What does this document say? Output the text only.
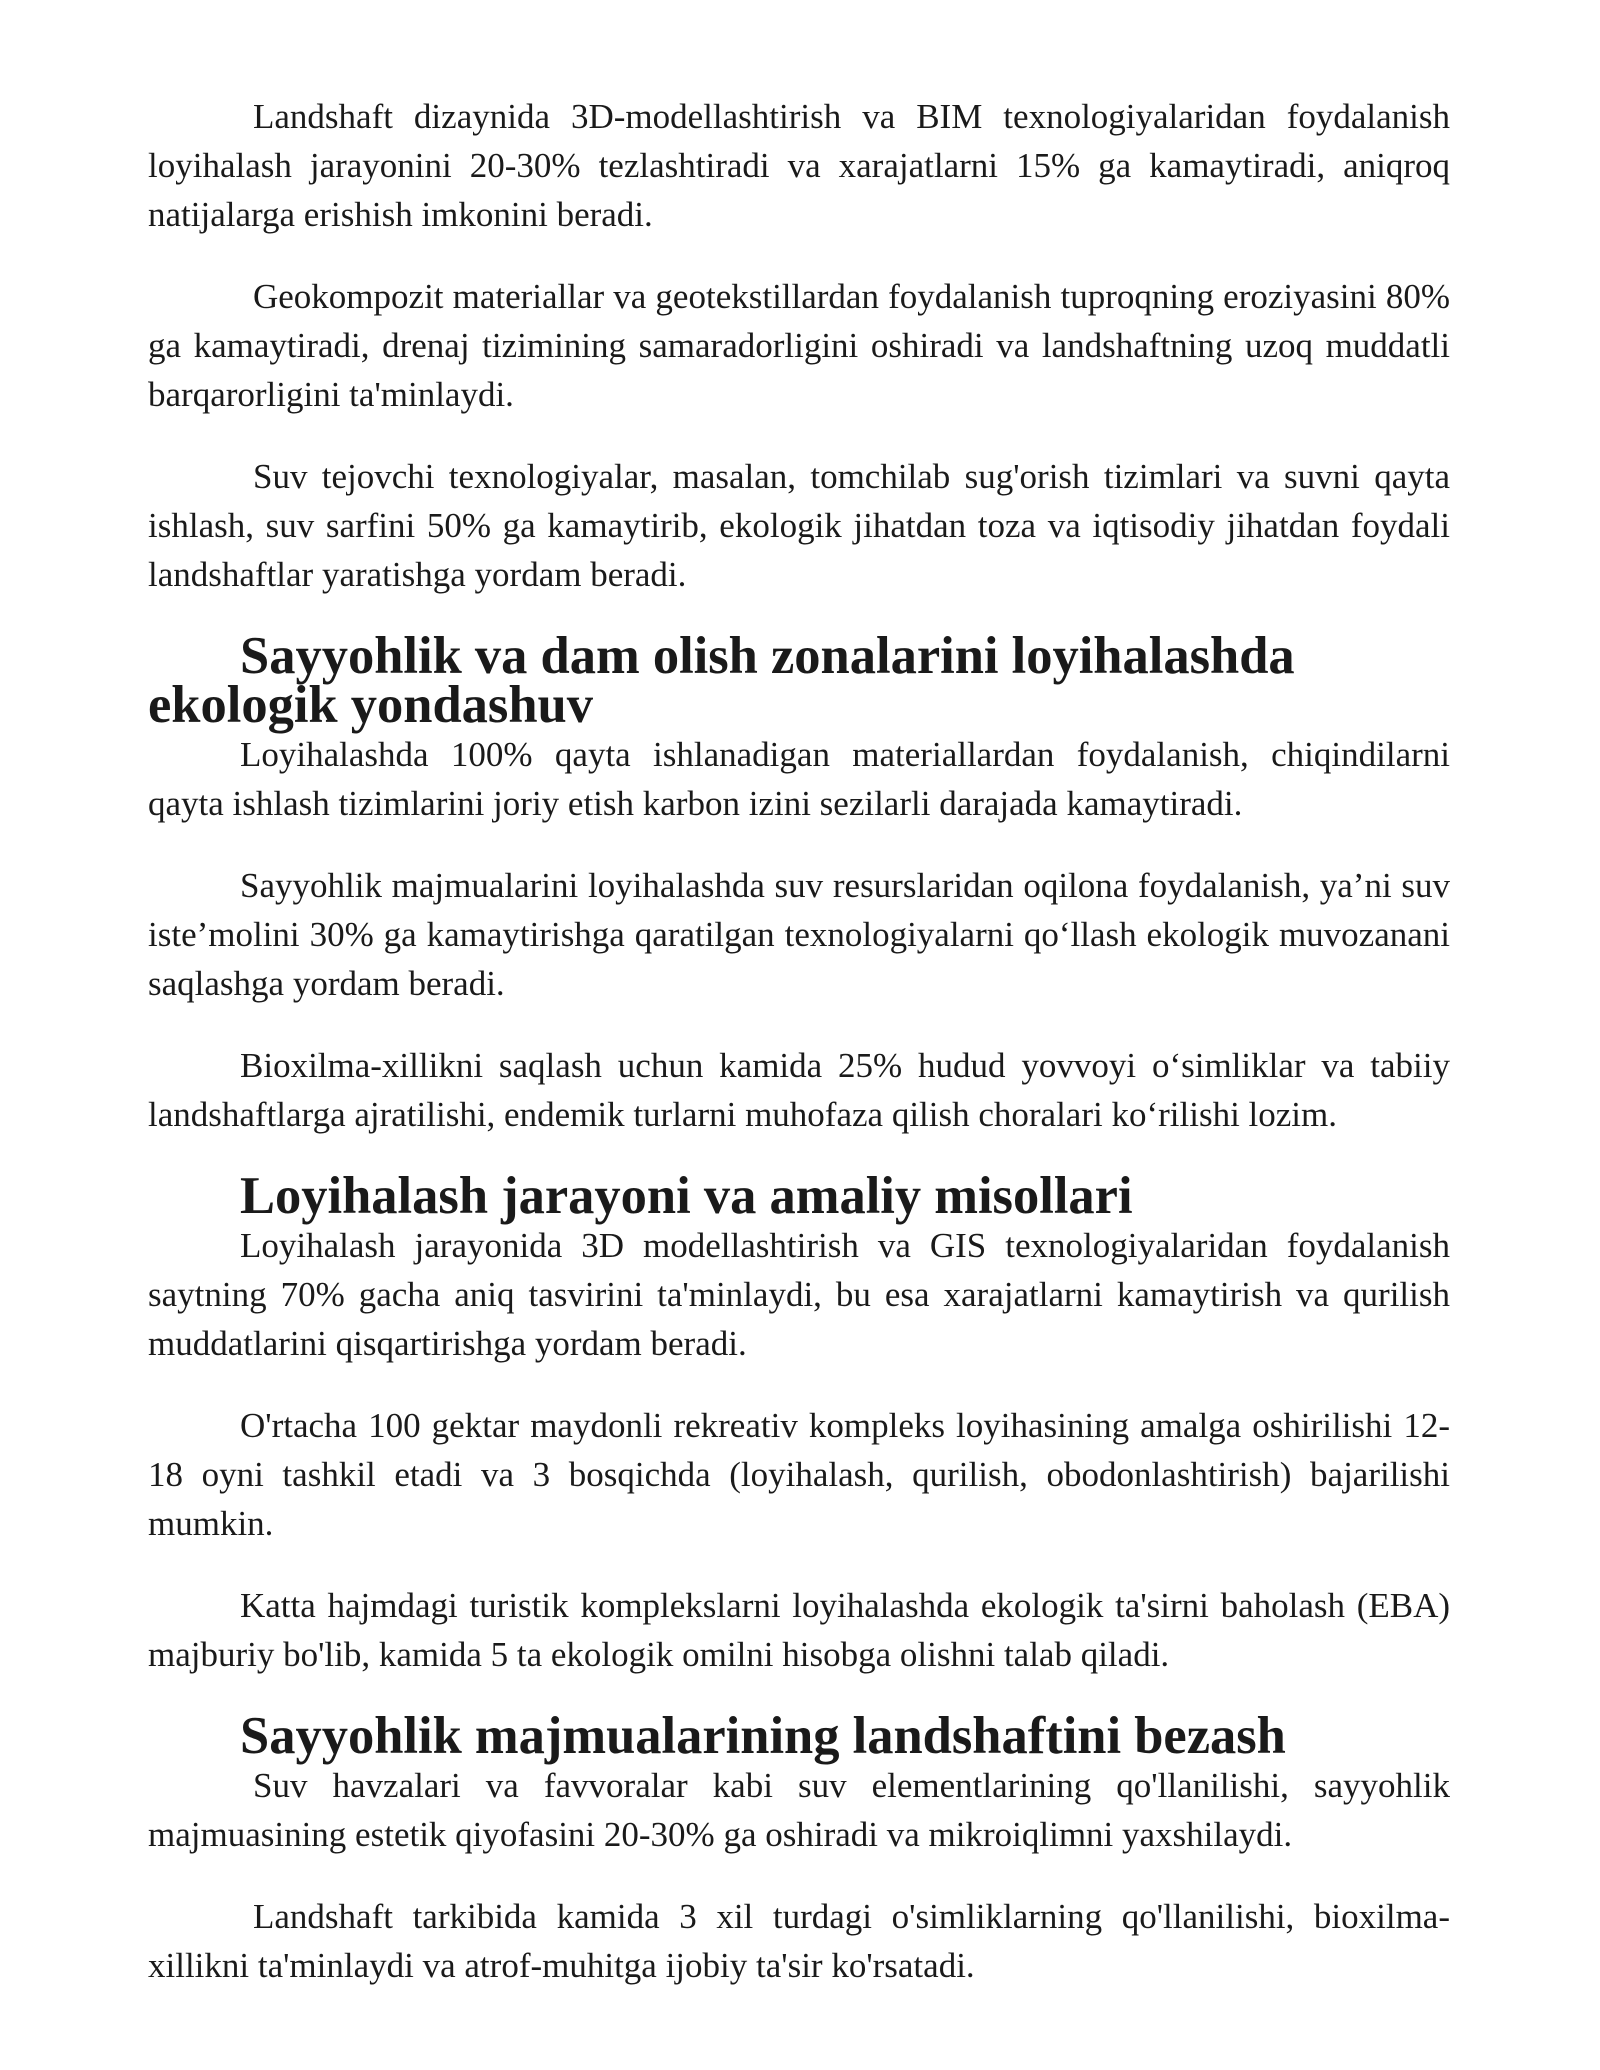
Landshaft dizaynida 3D-modellashtirish va BIM texnologiyalaridan foydalanish loyihalash jarayonini 20-30% tezlashtiradi va xarajatlarni 15% ga kamaytiradi, aniqroq natijalarga erishish imkonini beradi.

Geokompozit materiallar va geotekstillardan foydalanish tuproqning eroziyasini 80% ga kamaytiradi, drenaj tizimining samaradorligini oshiradi va landshaftning uzoq muddatli barqarorligini ta'minlaydi.

Suv tejovchi texnologiyalar, masalan, tomchilab sug'orish tizimlari va suvni qayta ishlash, suv sarfini 50% ga kamaytirib, ekologik jihatdan toza va iqtisodiy jihatdan foydali landshaftlar yaratishga yordam beradi.

Sayyohlik va dam olish zonalarini loyihalashda ekologik yondashuv

Loyihalashda 100% qayta ishlanadigan materiallardan foydalanish, chiqindilarni qayta ishlash tizimlarini joriy etish karbon izini sezilarli darajada kamaytiradi.

Sayyohlik majmualarini loyihalashda suv resurslaridan oqilona foydalanish, ya’ni suv iste’molini 30% ga kamaytirishga qaratilgan texnologiyalarni qo‘llash ekologik muvozanani saqlashga yordam beradi.

Bioxilma-xillikni saqlash uchun kamida 25% hudud yovvoyi o‘simliklar va tabiiy landshaftlarga ajratilishi, endemik turlarni muhofaza qilish choralari ko‘rilishi lozim.

Loyihalash jarayoni va amaliy misollari

Loyihalash jarayonida 3D modellashtirish va GIS texnologiyalaridan foydalanish saytning 70% gacha aniq tasvirini ta'minlaydi, bu esa xarajatlarni kamaytirish va qurilish muddatlarini qisqartirishga yordam beradi.

O'rtacha 100 gektar maydonli rekreativ kompleks loyihasining amalga oshirilishi 12-18 oyni tashkil etadi va 3 bosqichda (loyihalash, qurilish, obodonlashtirish) bajarilishi mumkin.

Katta hajmdagi turistik komplekslarni loyihalashda ekologik ta'sirni baholash (EBA) majburiy bo'lib, kamida 5 ta ekologik omilni hisobga olishni talab qiladi.

Sayyohlik majmualarining landshaftini bezash

Suv havzalari va favvoralar kabi suv elementlarining qo'llanilishi, sayyohlik majmuasining estetik qiyofasini 20-30% ga oshiradi va mikroiqlimni yaxshilaydi.

Landshaft tarkibida kamida 3 xil turdagi o'simliklarning qo'llanilishi, bioxilma-xillikni ta'minlaydi va atrof-muhitga ijobiy ta'sir ko'rsatadi.
